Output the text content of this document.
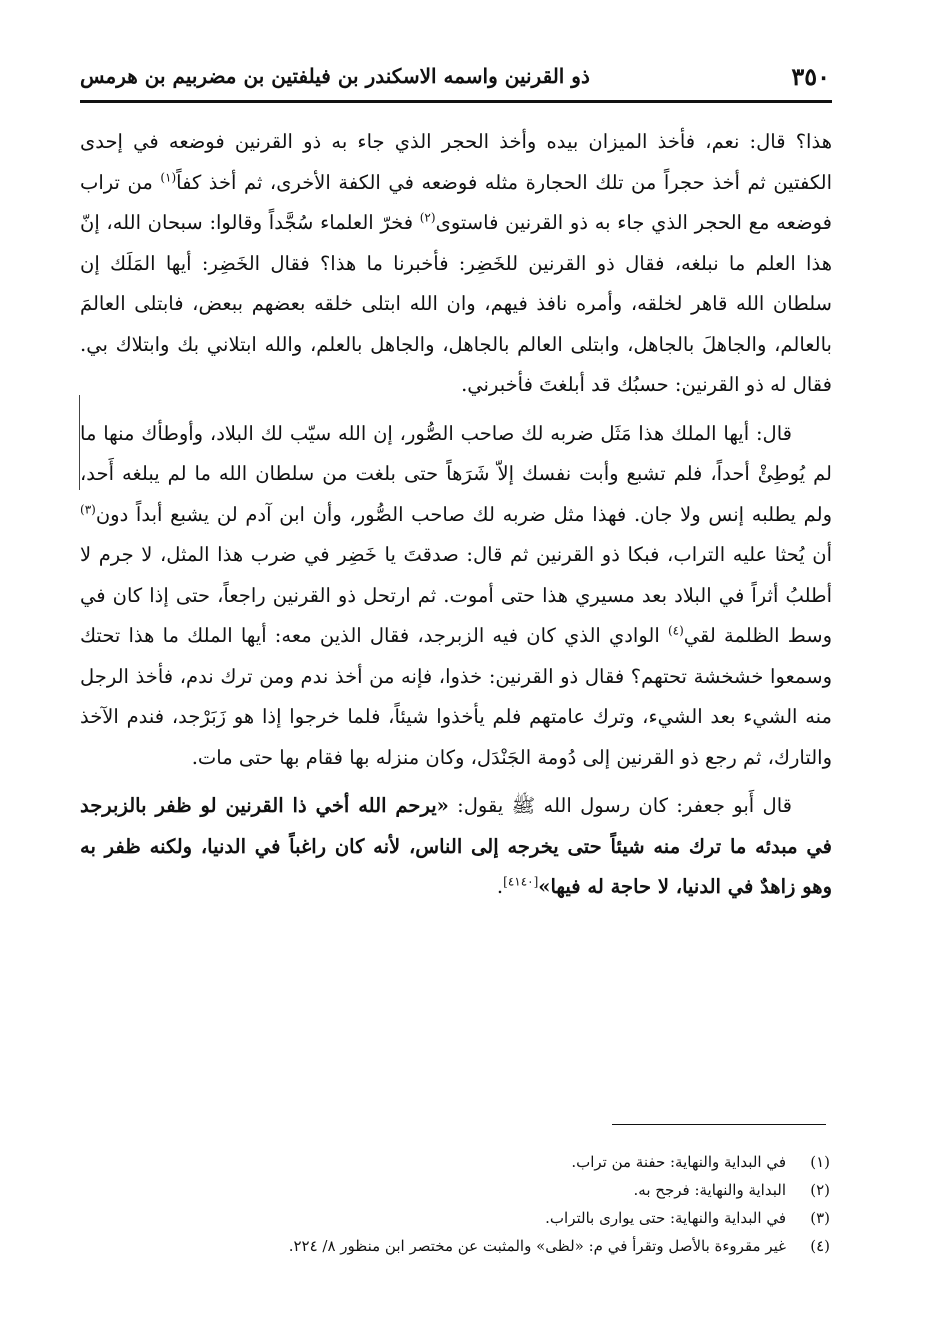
٣٥٠
ذو القرنين واسمه الاسكندر بن فيلفتين بن مضربيم بن هرمس

هذا؟ قال: نعم، فأخذ الميزان بيده وأخذ الحجر الذي جاء به ذو القرنين فوضعه في إحدى الكفتين ثم أخذ حجراً من تلك الحجارة مثله فوضعه في الكفة الأخرى، ثم أخذ كفاً$^{(١)}$ من تراب فوضعه مع الحجر الذي جاء به ذو القرنين فاستوى$^{(٢)}$ فخرّ العلماء سُجَّداً وقالوا: سبحان الله، إنّ هذا العلم ما نبلغه، فقال ذو القرنين للخَضِر: فأخبرنا ما هذا؟ فقال الخَضِر: أيها المَلَك إن سلطان الله قاهر لخلقه، وأمره نافذ فيهم، وان الله ابتلى خلقه بعضهم ببعض، فابتلى العالمَ بالعالم، والجاهلَ بالجاهل، وابتلى العالم بالجاهل، والجاهل بالعلم، والله ابتلاني بك وابتلاك بي. فقال له ذو القرنين: حسبُك قد أبلغتَ فأخبرني.

قال: أيها الملك هذا مَثَل ضربه لك صاحب الصُّور، إن الله سيّب لك البلاد، وأوطأك منها ما لم يُوطِئْ أحداً، فلم تشبع وأبت نفسك إلاّ شَرَهاً حتى بلغت من سلطان الله ما لم يبلغه أَحد، ولم يطلبه إنس ولا جان. فهذا مثل ضربه لك صاحب الصُّور، وأن ابن آدم لن يشبع أبداً دون$^{(٣)}$ أن يُحثا عليه التراب، فبكا ذو القرنين ثم قال: صدقتَ يا خَضِر في ضرب هذا المثل، لا جرم لا أطلبُ أثراً في البلاد بعد مسيري هذا حتى أموت. ثم ارتحل ذو القرنين راجعاً، حتى إذا كان في وسط الظلمة لقي$^{(٤)}$ الوادي الذي كان فيه الزبرجد، فقال الذين معه: أيها الملك ما هذا تحتك وسمعوا خشخشة تحتهم؟ فقال ذو القرنين: خذوا، فإنه من أخذ ندم ومن ترك ندم، فأخذ الرجل منه الشيء بعد الشيء، وترك عامتهم فلم يأخذوا شيئاً، فلما خرجوا إذا هو زَبَرْجد، فندم الآخذ والتارك، ثم رجع ذو القرنين إلى دُومة الجَنْدَل، وكان منزله بها فقام بها حتى مات.

قال أَبو جعفر: كان رسول الله ﷺ يقول: «يرحم الله أخي ذا القرنين لو ظفر بالزبرجد في مبدئه ما ترك منه شيئاً حتى يخرجه إلى الناس، لأنه كان راغباً في الدنيا، ولكنه ظفر به وهو زاهدٌ في الدنيا، لا حاجة له فيها»[٤١٤٠].

(١)
في البداية والنهاية: حفنة من تراب.
(٢)
البداية والنهاية: فرجح به.
(٣)
في البداية والنهاية: حتى يوارى بالتراب.
(٤)
غير مقروءة بالأصل وتقرأ في م: «لظى» والمثبت عن مختصر ابن منظور ٨/ ٢٢٤.
